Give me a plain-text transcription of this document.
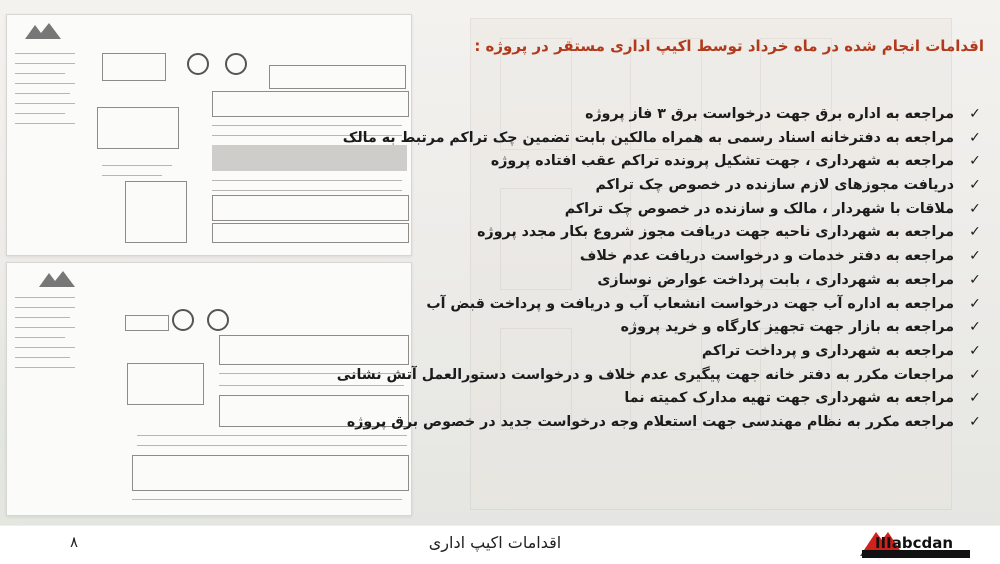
اقدامات انجام شده در ماه خرداد توسط اکیپ اداری مستقر در پروژه :
✓مراجعه به اداره برق جهت درخواست برق ۳ فاز پروژه
✓مراجعه به دفترخانه اسناد رسمی به همراه مالکین بابت تضمین چک تراکم مرتبط به مالک
✓مراجعه به شهرداری ، جهت تشکیل پرونده تراکم عقب افتاده پروژه
✓دریافت مجوزهای لازم سازنده در خصوص چک تراکم
✓ملاقات با شهردار ، مالک و سازنده در خصوص چک تراکم
✓مراجعه به شهرداری ناحیه جهت دریافت مجوز شروع بکار مجدد پروژه
✓مراجعه به دفتر خدمات و درخواست دریافت عدم خلاف
✓مراجعه به شهرداری ، بابت پرداخت عوارض نوسازی
✓مراجعه به اداره آب جهت درخواست انشعاب آب و دریافت و پرداخت قبض آب
✓مراجعه به بازار جهت تجهیز کارگاه و خرید پروژه
✓مراجعه به شهرداری و پرداخت تراکم
✓مراجعات مکرر به دفتر خانه جهت پیگیری عدم خلاف و درخواست دستورالعمل آتش نشانی
✓مراجعه به شهرداری جهت تهیه مدارک کمیته نما
✓مراجعه مکرر به نظام مهندسی جهت استعلام وجه درخواست جدید در خصوص برق پروژه
۸	اقدامات اکیپ اداری	IIIabcdan
